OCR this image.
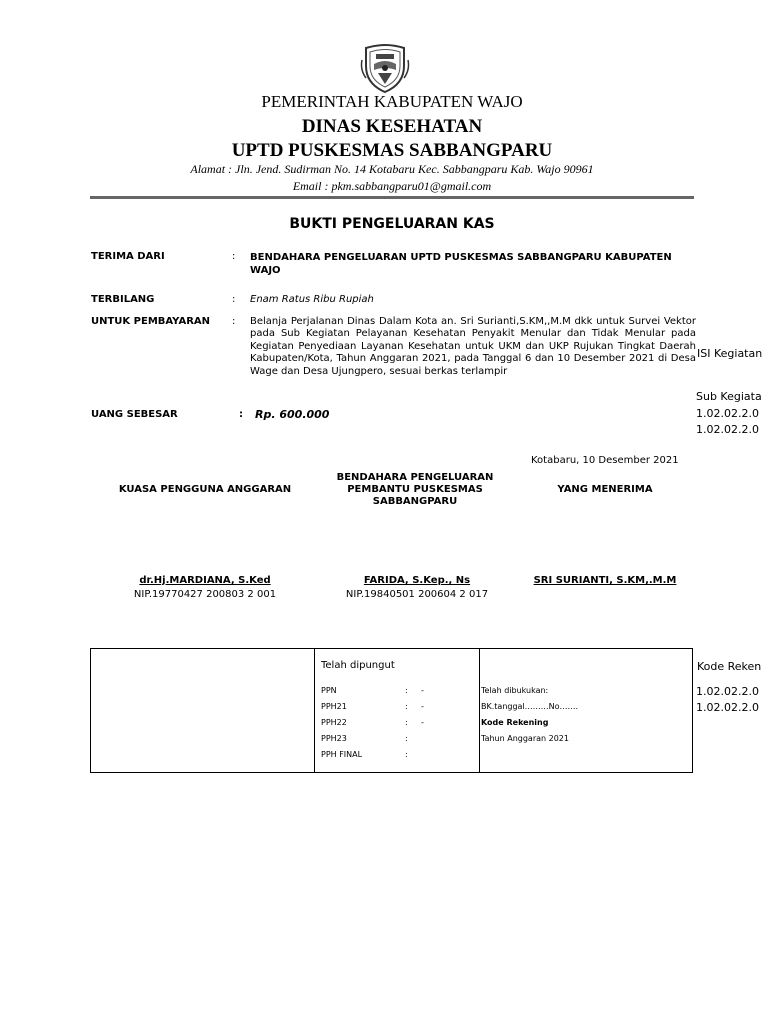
PEMERINTAH KABUPATEN WAJO
DINAS KESEHATAN
UPTD PUSKESMAS SABBANGPARU
Alamat : Jln. Jend. Sudirman No. 14 Kotabaru Kec. Sabbangparu Kab. Wajo 90961
Email : pkm.sabbangparu01@gmail.com
BUKTI PENGELUARAN KAS
TERIMA DARI	: BENDAHARA PENGELUARAN UPTD PUSKESMAS SABBANGPARU KABUPATEN WAJO
TERBILANG	: Enam Ratus Ribu Rupiah
UNTUK PEMBAYARAN : Belanja Perjalanan Dinas Dalam Kota an. Sri Surianti,S.KM,,M.M dkk untuk Survei Vektor pada Sub Kegiatan Pelayanan Kesehatan Penyakit Menular dan Tidak Menular pada Kegiatan Penyediaan Layanan Kesehatan untuk UKM dan UKP Rujukan Tingkat Daerah Kabupaten/Kota, Tahun Anggaran 2021, pada Tanggal 6 dan 10 Desember 2021 di Desa Wage dan Desa Ujungpero, sesuai berkas terlampir
UANG SEBESAR	: Rp. 600.000
ISI Kegiatan
Sub Kegiata
1.02.02.2.0
1.02.02.2.0
Kotabaru, 10 Desember 2021
KUASA PENGGUNA ANGGARAN
BENDAHARA PENGELUARAN PEMBANTU PUSKESMAS SABBANGPARU
YANG MENERIMA
dr.Hj.MARDIANA, S.Ked
NIP.19770427 200803 2 001
FARIDA, S.Kep., Ns
NIP.19840501 200604 2 017
SRI SURIANTI, S.KM,.M.M
Telah dipungut
PPN	: -
PPH21	: -
PPH22	: -
PPH23	:
PPH FINAL	:
Telah dibukukan:
BK.tanggal………No…….
Kode Rekening
Tahun Anggaran 2021
Kode Reken
1.02.02.2.0
1.02.02.2.0
